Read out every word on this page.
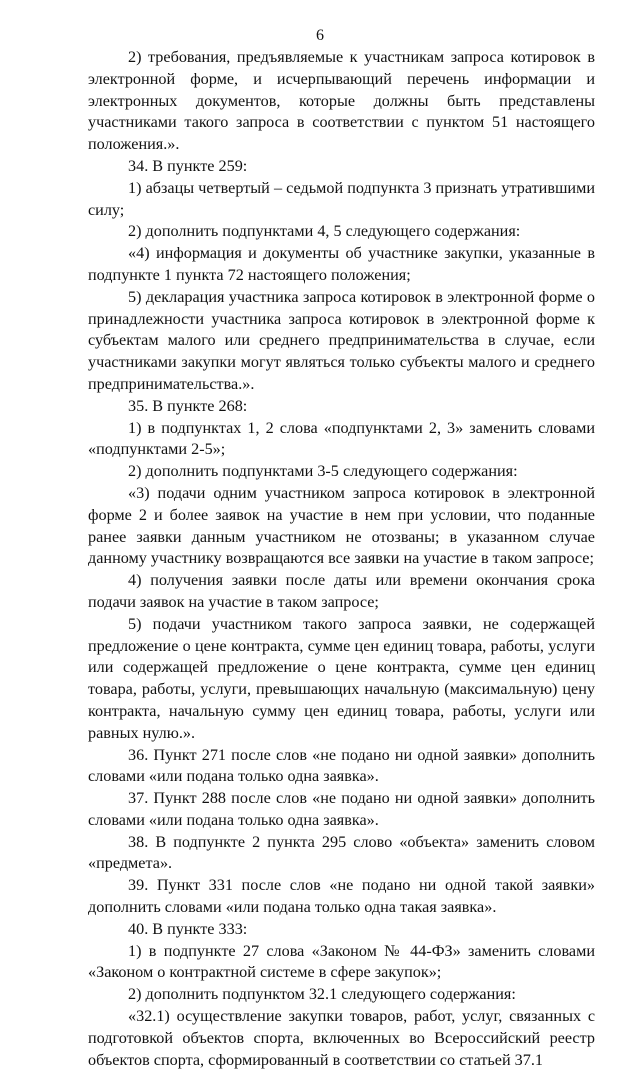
6

2) требования, предъявляемые к участникам запроса котировок в электронной форме, и исчерпывающий перечень информации и электронных документов, которые должны быть представлены участниками такого запроса в соответствии с пунктом 51 настоящего положения.».

34. В пункте 259:

1) абзацы четвертый – седьмой подпункта 3 признать утратившими силу;

2) дополнить подпунктами 4, 5 следующего содержания:

«4) информация и документы об участнике закупки, указанные в подпункте 1 пункта 72 настоящего положения;

5) декларация участника запроса котировок в электронной форме о принадлежности участника запроса котировок в электронной форме к субъектам малого или среднего предпринимательства в случае, если участниками закупки могут являться только субъекты малого и среднего предпринимательства.».

35. В пункте 268:

1) в подпунктах 1, 2 слова «подпунктами 2, 3» заменить словами «подпунктами 2-5»;

2) дополнить подпунктами 3-5 следующего содержания:

«3) подачи одним участником запроса котировок в электронной форме 2 и более заявок на участие в нем при условии, что поданные ранее заявки данным участником не отозваны; в указанном случае данному участнику возвращаются все заявки на участие в таком запросе;

4) получения заявки после даты или времени окончания срока подачи заявок на участие в таком запросе;

5) подачи участником такого запроса заявки, не содержащей предложение о цене контракта, сумме цен единиц товара, работы, услуги или содержащей предложение о цене контракта, сумме цен единиц товара, работы, услуги, превышающих начальную (максимальную) цену контракта, начальную сумму цен единиц товара, работы, услуги или равных нулю.».

36. Пункт 271 после слов «не подано ни одной заявки» дополнить словами «или подана только одна заявка».

37. Пункт 288 после слов «не подано ни одной заявки» дополнить словами «или подана только одна заявка».

38. В подпункте 2 пункта 295 слово «объекта» заменить словом «предмета».

39. Пункт 331 после слов «не подано ни одной такой заявки» дополнить словами «или подана только одна такая заявка».

40. В пункте 333:

1) в подпункте 27 слова «Законом № 44-ФЗ» заменить словами «Законом о контрактной системе в сфере закупок»;

2) дополнить подпунктом 32.1 следующего содержания:

«32.1) осуществление закупки товаров, работ, услуг, связанных с подготовкой объектов спорта, включенных во Всероссийский реестр объектов спорта, сформированный в соответствии со статьей 37.1
